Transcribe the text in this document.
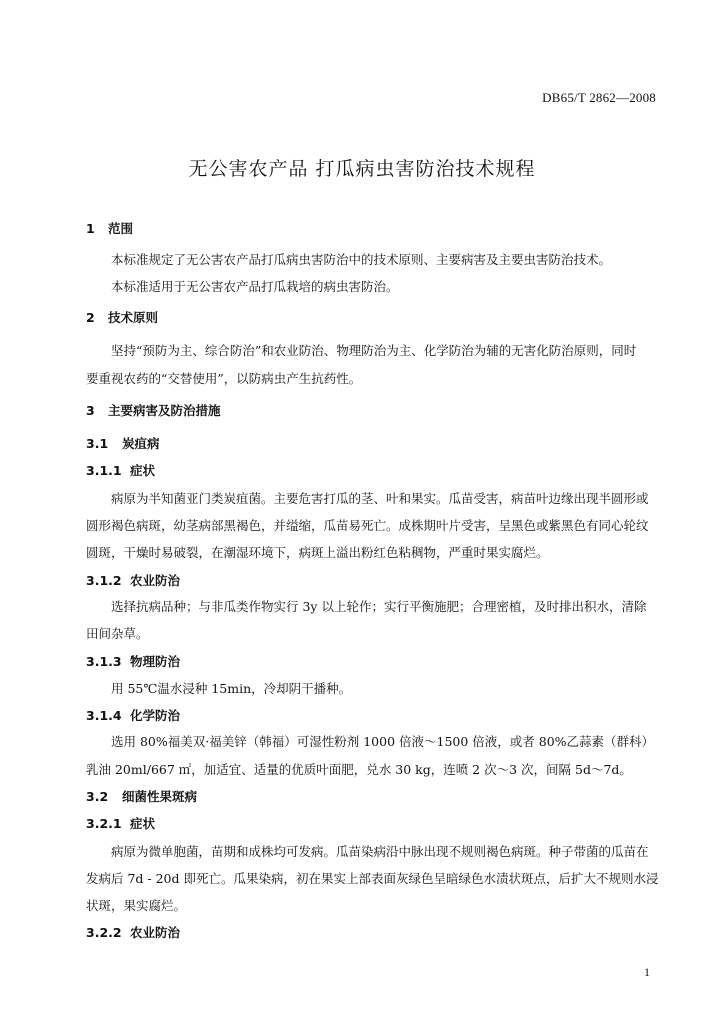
DB65/T 2862—2008
无公害农产品 打瓜病虫害防治技术规程
1 范围
本标准规定了无公害农产品打瓜病虫害防治中的技术原则、主要病害及主要虫害防治技术。
本标准适用于无公害农产品打瓜栽培的病虫害防治。
2 技术原则
坚持“预防为主、综合防治”和农业防治、物理防治为主、化学防治为辅的无害化防治原则，同时
要重视农药的“交替使用”，以防病虫产生抗药性。
3 主要病害及防治措施
3.1 炭疽病
3.1.1 症状
病原为半知菌亚门类炭疽菌。主要危害打瓜的茎、叶和果实。瓜苗受害，病苗叶边缘出现半圆形或
圆形褐色病斑，幼茎病部黑褐色，并缢缩，瓜苗易死亡。成株期叶片受害，呈黑色或紫黑色有同心轮纹
圆斑，干燥时易破裂，在潮湿环境下，病斑上溢出粉红色粘稠物，严重时果实腐烂。
3.1.2 农业防治
选择抗病品种；与非瓜类作物实行 3y 以上轮作；实行平衡施肥；合理密植，及时排出积水，清除
田间杂草。
3.1.3 物理防治
用 55℃温水浸种 15min，冷却阴干播种。
3.1.4 化学防治
选用 80%福美双·福美锌（韩福）可湿性粉剂 1000 倍液～1500 倍液，或者 80%乙蒜素（群科）
乳油 20ml/667 ㎡，加适宜、适量的优质叶面肥，兑水 30 kg，连喷 2 次～3 次，间隔 5d～7d。
3.2 细菌性果斑病
3.2.1 症状
病原为微单胞菌，苗期和成株均可发病。瓜苗染病沿中脉出现不规则褐色病斑。种子带菌的瓜苗在
发病后 7d - 20d 即死亡。瓜果染病，初在果实上部表面灰绿色呈暗绿色水渍状斑点，后扩大不规则水浸
状斑，果实腐烂。
3.2.2 农业防治
1
